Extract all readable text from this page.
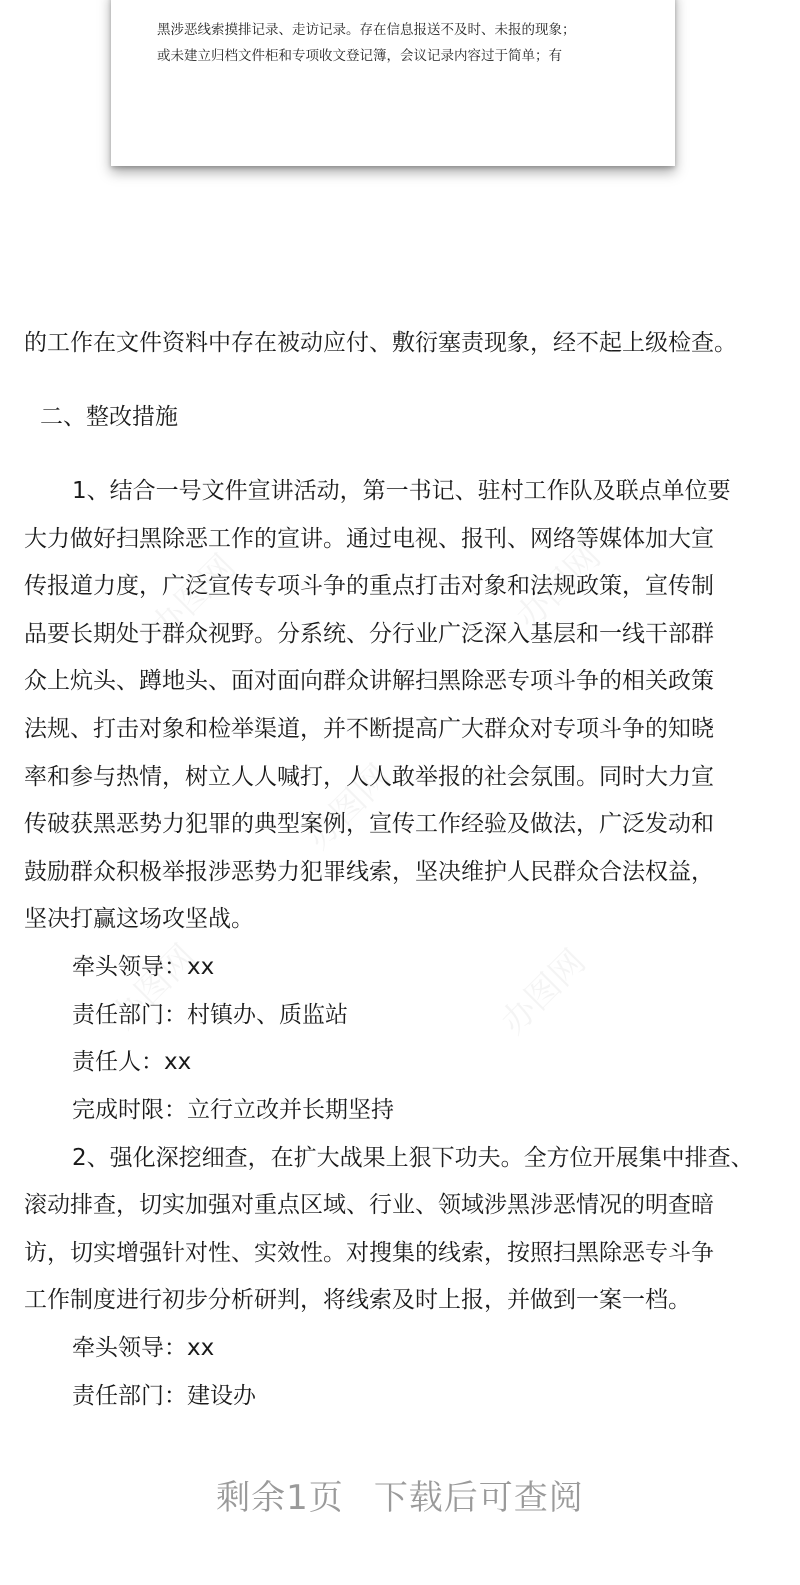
黑涉恶线索摸排记录、走访记录。存在信息报送不及时、未报的现象；
或未建立归档文件柜和专项收文登记簿，会议记录内容过于简单；有
的工作在文件资料中存在被动应付、敷衍塞责现象，经不起上级检查。
二、整改措施
1、结合一号文件宣讲活动，第一书记、驻村工作队及联点单位要
大力做好扫黑除恶工作的宣讲。通过电视、报刊、网络等媒体加大宣
传报道力度，广泛宣传专项斗争的重点打击对象和法规政策，宣传制
品要长期处于群众视野。分系统、分行业广泛深入基层和一线干部群
众上炕头、蹲地头、面对面向群众讲解扫黑除恶专项斗争的相关政策
法规、打击对象和检举渠道，并不断提高广大群众对专项斗争的知晓
率和参与热情，树立人人喊打，人人敢举报的社会氛围。同时大力宣
传破获黑恶势力犯罪的典型案例，宣传工作经验及做法，广泛发动和
鼓励群众积极举报涉恶势力犯罪线索，坚决维护人民群众合法权益，
坚决打赢这场攻坚战。
牵头领导：xx
责任部门：村镇办、质监站
责任人：xx
完成时限：立行立改并长期坚持
2、强化深挖细查，在扩大战果上狠下功夫。全方位开展集中排查、
滚动排查，切实加强对重点区域、行业、领域涉黑涉恶情况的明查暗
访，切实增强针对性、实效性。对搜集的线索，按照扫黑除恶专斗争
工作制度进行初步分析研判，将线索及时上报，并做到一案一档。
牵头领导：xx
责任部门：建设办
剩余1页 下载后可查阅
